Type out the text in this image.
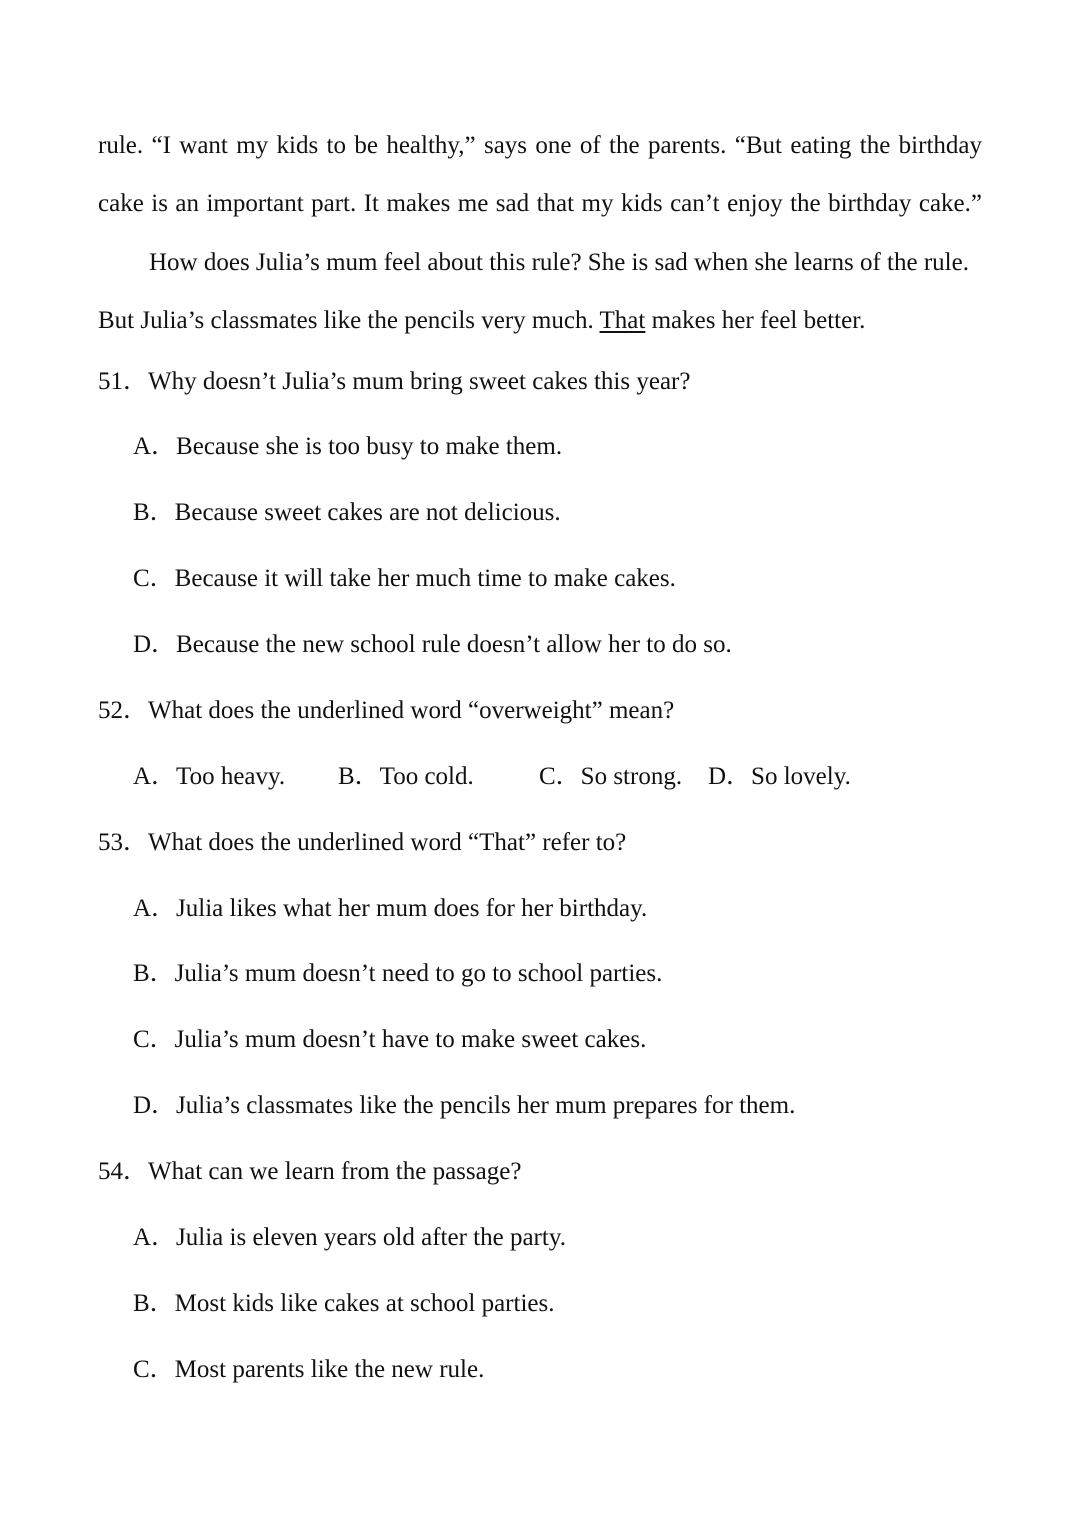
rule. “I want my kids to be healthy,” says one of the parents. “But eating the birthday
cake is an important part. It makes me sad that my kids can’t enjoy the birthday cake.”
How does Julia’s mum feel about this rule? She is sad when she learns of the rule.
But Julia’s classmates like the pencils very much. That makes her feel better.
51．Why doesn’t Julia’s mum bring sweet cakes this year?
A．Because she is too busy to make them.
B．Because sweet cakes are not delicious.
C．Because it will take her much time to make cakes.
D．Because the new school rule doesn’t allow her to do so.
52．What does the underlined word “overweight” mean?
A．Too heavy. B．Too cold.	C．So strong. D．So lovely.
53．What does the underlined word “That” refer to?
A．Julia likes what her mum does for her birthday.
B．Julia’s mum doesn’t need to go to school parties.
C．Julia’s mum doesn’t have to make sweet cakes.
D．Julia’s classmates like the pencils her mum prepares for them.
54．What can we learn from the passage?
A．Julia is eleven years old after the party.
B．Most kids like cakes at school parties.
C．Most parents like the new rule.
